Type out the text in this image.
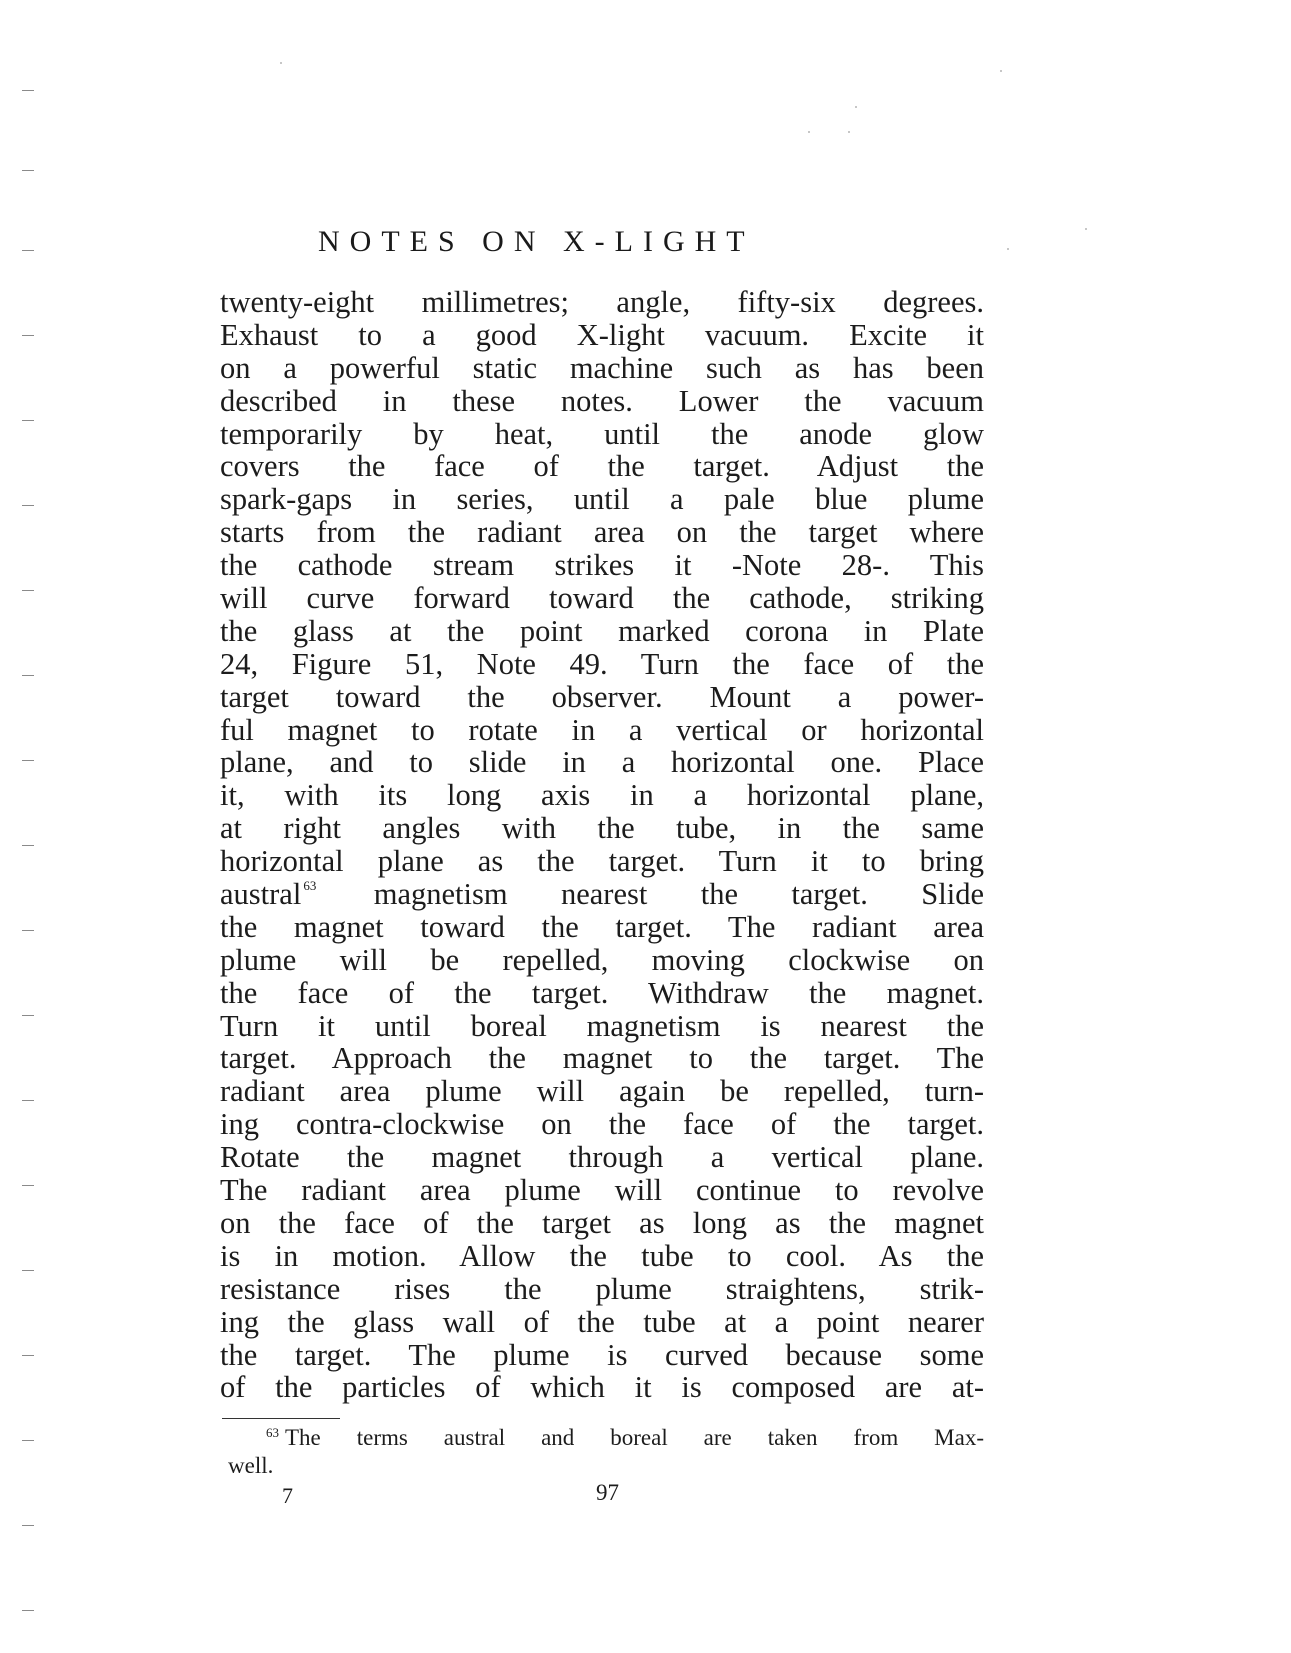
NOTES ON X-LIGHT
twenty-eight millimetres; angle, fifty-six degrees.
Exhaust to a good X-light vacuum. Excite it
on a powerful static machine such as has been
described in these notes. Lower the vacuum
temporarily by heat, until the anode glow
covers the face of the target. Adjust the
spark-gaps in series, until a pale blue plume
starts from the radiant area on the target where
the cathode stream strikes it -Note 28-. This
will curve forward toward the cathode, striking
the glass at the point marked corona in Plate
24, Figure 51, Note 49. Turn the face of the
target toward the observer. Mount a power-
ful magnet to rotate in a vertical or horizontal
plane, and to slide in a horizontal one. Place
it, with its long axis in a horizontal plane,
at right angles with the tube, in the same
horizontal plane as the target. Turn it to bring
austral $^{63}$ magnetism nearest the target. Slide
the magnet toward the target. The radiant area
plume will be repelled, moving clockwise on
the face of the target. Withdraw the magnet.
Turn it until boreal magnetism is nearest the
target. Approach the magnet to the target. The
radiant area plume will again be repelled, turn-
ing contra-clockwise on the face of the target.
Rotate the magnet through a vertical plane.
The radiant area plume will continue to revolve
on the face of the target as long as the magnet
is in motion. Allow the tube to cool. As the
resistance rises the plume straightens, strik-
ing the glass wall of the tube at a point nearer
the target. The plume is curved because some
of the particles of which it is composed are at-
$^{63}$ The terms austral and boreal are taken from Max-
well.
7	97
